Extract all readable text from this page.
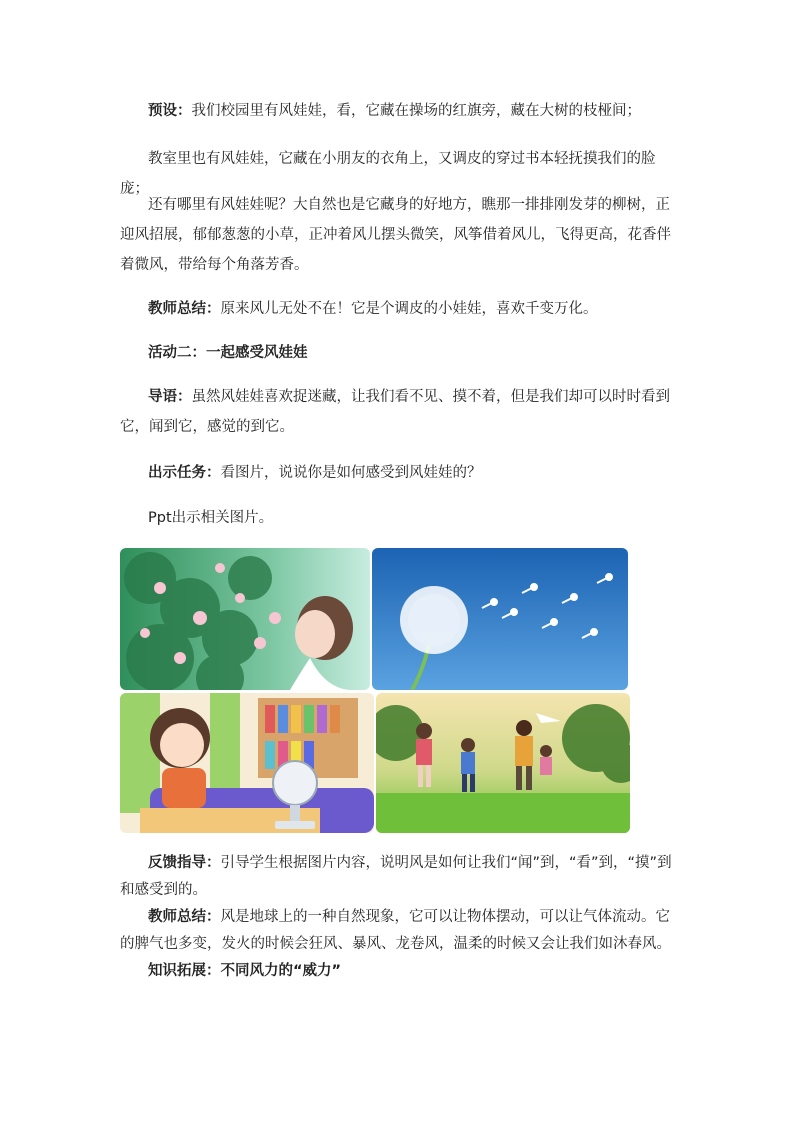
预设：我们校园里有风娃娃，看，它藏在操场的红旗旁，藏在大树的枝桠间；

教室里也有风娃娃，它藏在小朋友的衣角上，又调皮的穿过书本轻抚摸我们的脸庞；

还有哪里有风娃娃呢？大自然也是它藏身的好地方，瞧那一排排刚发芽的柳树，正迎风招展，郁郁葱葱的小草，正冲着风儿摆头微笑，风筝借着风儿，飞得更高，花香伴着微风，带给每个角落芳香。

教师总结：原来风儿无处不在！它是个调皮的小娃娃，喜欢千变万化。

活动二：一起感受风娃娃

导语：虽然风娃娃喜欢捉迷藏，让我们看不见、摸不着，但是我们却可以时时看到它，闻到它，感觉的到它。

出示任务：看图片，说说你是如何感受到风娃娃的？

Ppt出示相关图片。

反馈指导：引导学生根据图片内容，说明风是如何让我们“闻”到，“看”到，“摸”到和感受到的。

教师总结：风是地球上的一种自然现象，它可以让物体摆动，可以让气体流动。它的脾气也多变，发火的时候会狂风、暴风、龙卷风，温柔的时候又会让我们如沐春风。

知识拓展：不同风力的“威力”
